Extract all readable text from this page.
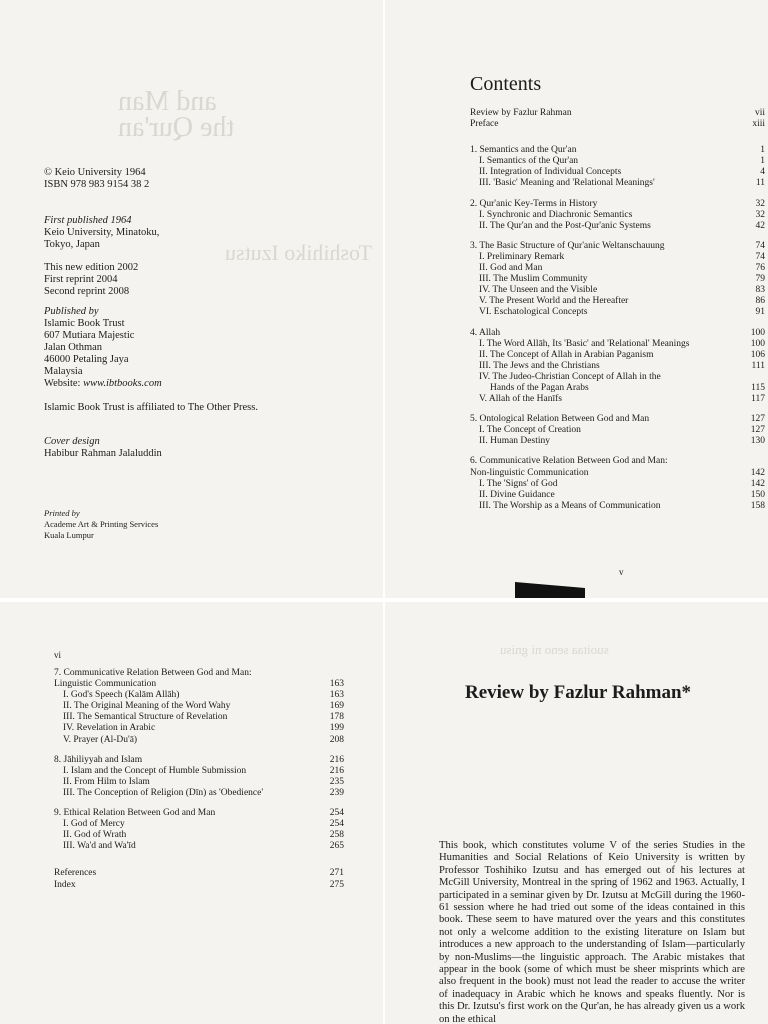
and Man
the Qur'an
Toshihiko Izutsu
© Keio University 1964
ISBN 978 983 9154 38 2
First published 1964
Keio University, Minatoku,
Tokyo, Japan
This new edition 2002
First reprint 2004
Second reprint 2008
Published by
Islamic Book Trust
607 Mutiara Majestic
Jalan Othman
46000 Petaling Jaya
Malaysia
Website: www.ibtbooks.com
Islamic Book Trust is affiliated to The Other Press.
Cover design
Habibur Rahman Jalaluddin
Printed by
Academe Art & Printing Services
Kuala Lumpur
Contents
Review by Fazlur Rahman	vii
Preface	xiii
1. Semantics and the Qur'an	1
I. Semantics of the Qur'an	1
II. Integration of Individual Concepts	4
III. 'Basic' Meaning and 'Relational Meanings'	11
2. Qur'anic Key-Terms in History	32
I. Synchronic and Diachronic Semantics	32
II. The Qur'an and the Post-Qur'anic Systems	42
3. The Basic Structure of Qur'anic Weltanschauung	74
I. Preliminary Remark	74
II. God and Man	76
III. The Muslim Community	79
IV. The Unseen and the Visible	83
V. The Present World and the Hereafter	86
VI. Eschatological Concepts	91
4. Allah	100
I. The Word Allāh, Its 'Basic' and 'Relational' Meanings	100
II. The Concept of Allah in Arabian Paganism	106
III. The Jews and the Christians	111
IV. The Judeo-Christian Concept of Allah in the
Hands of the Pagan Arabs	115
V. Allah of the Hanīfs	117
5. Ontological Relation Between God and Man	127
I. The Concept of Creation	127
II. Human Destiny	130
6. Communicative Relation Between God and Man:
Non-linguistic Communication	142
I. The 'Signs' of God	142
II. Divine Guidance	150
III. The Worship as a Means of Communication	158
v
vi
7. Communicative Relation Between God and Man:
Linguistic Communication	163
I. God's Speech (Kalām Allāh)	163
II. The Original Meaning of the Word Wahy	169
III. The Semantical Structure of Revelation	178
IV. Revelation in Arabic	199
V. Prayer (Al-Du'ā)	208
8. Jāhiliyyah and Islam	216
I. Islam and the Concept of Humble Submission	216
II. From Hilm to Islam	235
III. The Conception of Religion (Dīn) as 'Obedience'	239
9. Ethical Relation Between God and Man	254
I. God of Mercy	254
II. God of Wrath	258
III. Wa'd and Wa'īd	265
References	271
Index	275
suoitaa seno ni gnisu
Review by Fazlur Rahman*
This book, which constitutes volume V of the series Studies in the Humanities and Social Relations of Keio University is written by Professor Toshihiko Izutsu and has emerged out of his lectures at McGill University, Montreal in the spring of 1962 and 1963. Actually, I participated in a seminar given by Dr. Izutsu at McGill during the 1960-61 session where he had tried out some of the ideas contained in this book. These seem to have matured over the years and this constitutes not only a welcome addition to the existing literature on Islam but introduces a new approach to the understanding of Islam—particularly by non-Muslims—the linguistic approach. The Arabic mistakes that appear in the book (some of which must be sheer misprints which are also frequent in the book) must not lead the reader to accuse the writer of inadequacy in Arabic which he knows and speaks fluently. Nor is this Dr. Izutsu's first work on the Qur'an, he has already given us a work on the ethical
